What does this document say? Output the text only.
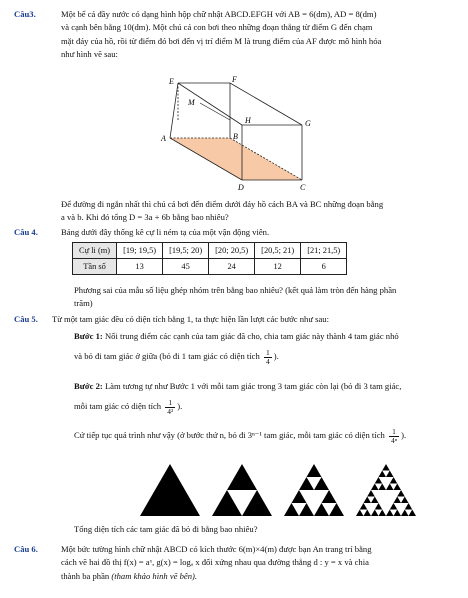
Câu3.	Một bể cá đầy nước có dạng hình hộp chữ nhật ABCD.EFGH với AB = 6(dm), AD = 8(dm)

và cạnh bên bằng 10(dm). Một chú cá con bơi theo những đoạn thẳng từ điểm G đến chạm

mặt đáy của hồ, rồi từ điểm đó bơi đến vị trí điểm M là trung điểm của AF được mô hình hóa

như hình vẽ sau:

E	F
M
H	G
A	B
D	C

Để đường đi ngắn nhất thì chú cá bơi đến điểm dưới đáy hồ cách BA và BC những đoạn bằng

a và b. Khi đó tổng D = 3a + 6b bằng bao nhiêu?

Câu 4.	Bảng dưới đây thống kê cự li ném tạ của một vận động viên.

Cự li (m)	[19; 19,5)	[19,5; 20)	[20; 20,5)	[20,5; 21)	[21; 21,5)
Tần số	13	45	24	12	6

Phương sai của mẫu số liệu ghép nhóm trên bằng bao nhiêu? (kết quả làm tròn đến hàng phần

trăm)

Câu 5. Từ một tam giác đều có diện tích bằng 1, ta thực hiện lần lượt các bước như sau:

Bước 1: Nối trung điểm các cạnh của tam giác đã cho, chia tam giác này thành 4 tam giác nhỏ

và bỏ đi tam giác ở giữa (bỏ đi 1 tam giác có diện tích $\frac{1}{4}$ ).

Bước 2: Làm tương tự như Bước 1 với mỗi tam giác trong 3 tam giác còn lại (bỏ đi 3 tam giác,

mỗi tam giác có diện tích $\frac{1}{\text{4²}}$ ).

Cứ tiếp tục quá trình như vậy (ở bước thứ n, bỏ đi 3ⁿ⁻¹ tam giác, mỗi tam giác có diện tích $\frac{1}{\text{4ⁿ}}$ ).

Tổng diện tích các tam giác đã bỏ đi bằng bao nhiêu?

Câu 6.	Một bức tường hình chữ nhật ABCD có kích thước 6(m)×4(m) được bạn An trang trí bằng

cách vẽ hai đồ thị f(x) = aˣ, g(x) = logₐ x đối xứng nhau qua đường thẳng d : y = x và chia

thành ba phần (tham khảo hình vẽ bên).
